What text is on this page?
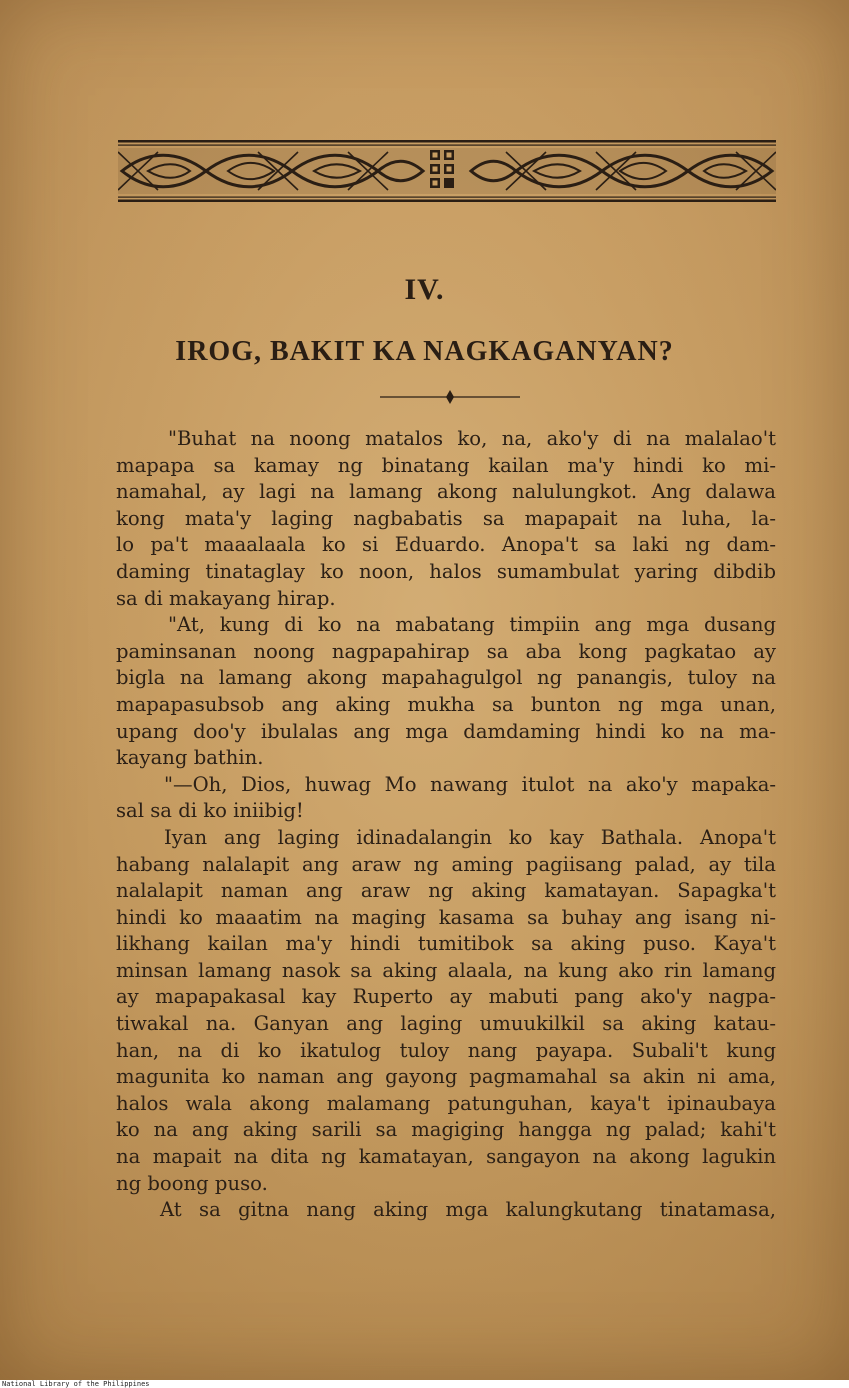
IV.
IROG, BAKIT KA NAGKAGANYAN?
"Buhat na noong matalos ko, na, ako'y di na malalao't
mapapa sa kamay ng binatang kailan ma'y hindi ko mi-
namahal, ay lagi na lamang akong nalulungkot. Ang dalawa
kong mata'y laging nagbabatis sa mapapait na luha, la-
lo pa't maaalaala ko si Eduardo. Anopa't sa laki ng dam-
daming tinataglay ko noon, halos sumambulat yaring dibdib
sa di makayang hirap.
"At, kung di ko na mabatang timpiin ang mga dusang
paminsanan noong nagpapahirap sa aba kong pagkatao ay
bigla na lamang akong mapahagulgol ng panangis, tuloy na
mapapasubsob ang aking mukha sa bunton ng mga unan,
upang doo'y ibulalas ang mga damdaming hindi ko na ma-
kayang bathin.
"—Oh, Dios, huwag Mo nawang itulot na ako'y mapaka-
sal sa di ko iniibig!
Iyan ang laging idinadalangin ko kay Bathala. Anopa't
habang nalalapit ang araw ng aming pagiisang palad, ay tila
nalalapit naman ang araw ng aking kamatayan. Sapagka't
hindi ko maaatim na maging kasama sa buhay ang isang ni-
likhang kailan ma'y hindi tumitibok sa aking puso. Kaya't
minsan lamang nasok sa aking alaala, na kung ako rin lamang
ay mapapakasal kay Ruperto ay mabuti pang ako'y nagpa-
tiwakal na. Ganyan ang laging umuukilkil sa aking katau-
han, na di ko ikatulog tuloy nang payapa. Subali't kung
magunita ko naman ang gayong pagmamahal sa akin ni ama,
halos wala akong malamang patunguhan, kaya't ipinaubaya
ko na ang aking sarili sa magiging hangga ng palad; kahi't
na mapait na dita ng kamatayan, sangayon na akong lagukin
ng boong puso.
At sa gitna nang aking mga kalungkutang tinatamasa,
National Library of the Philippines
